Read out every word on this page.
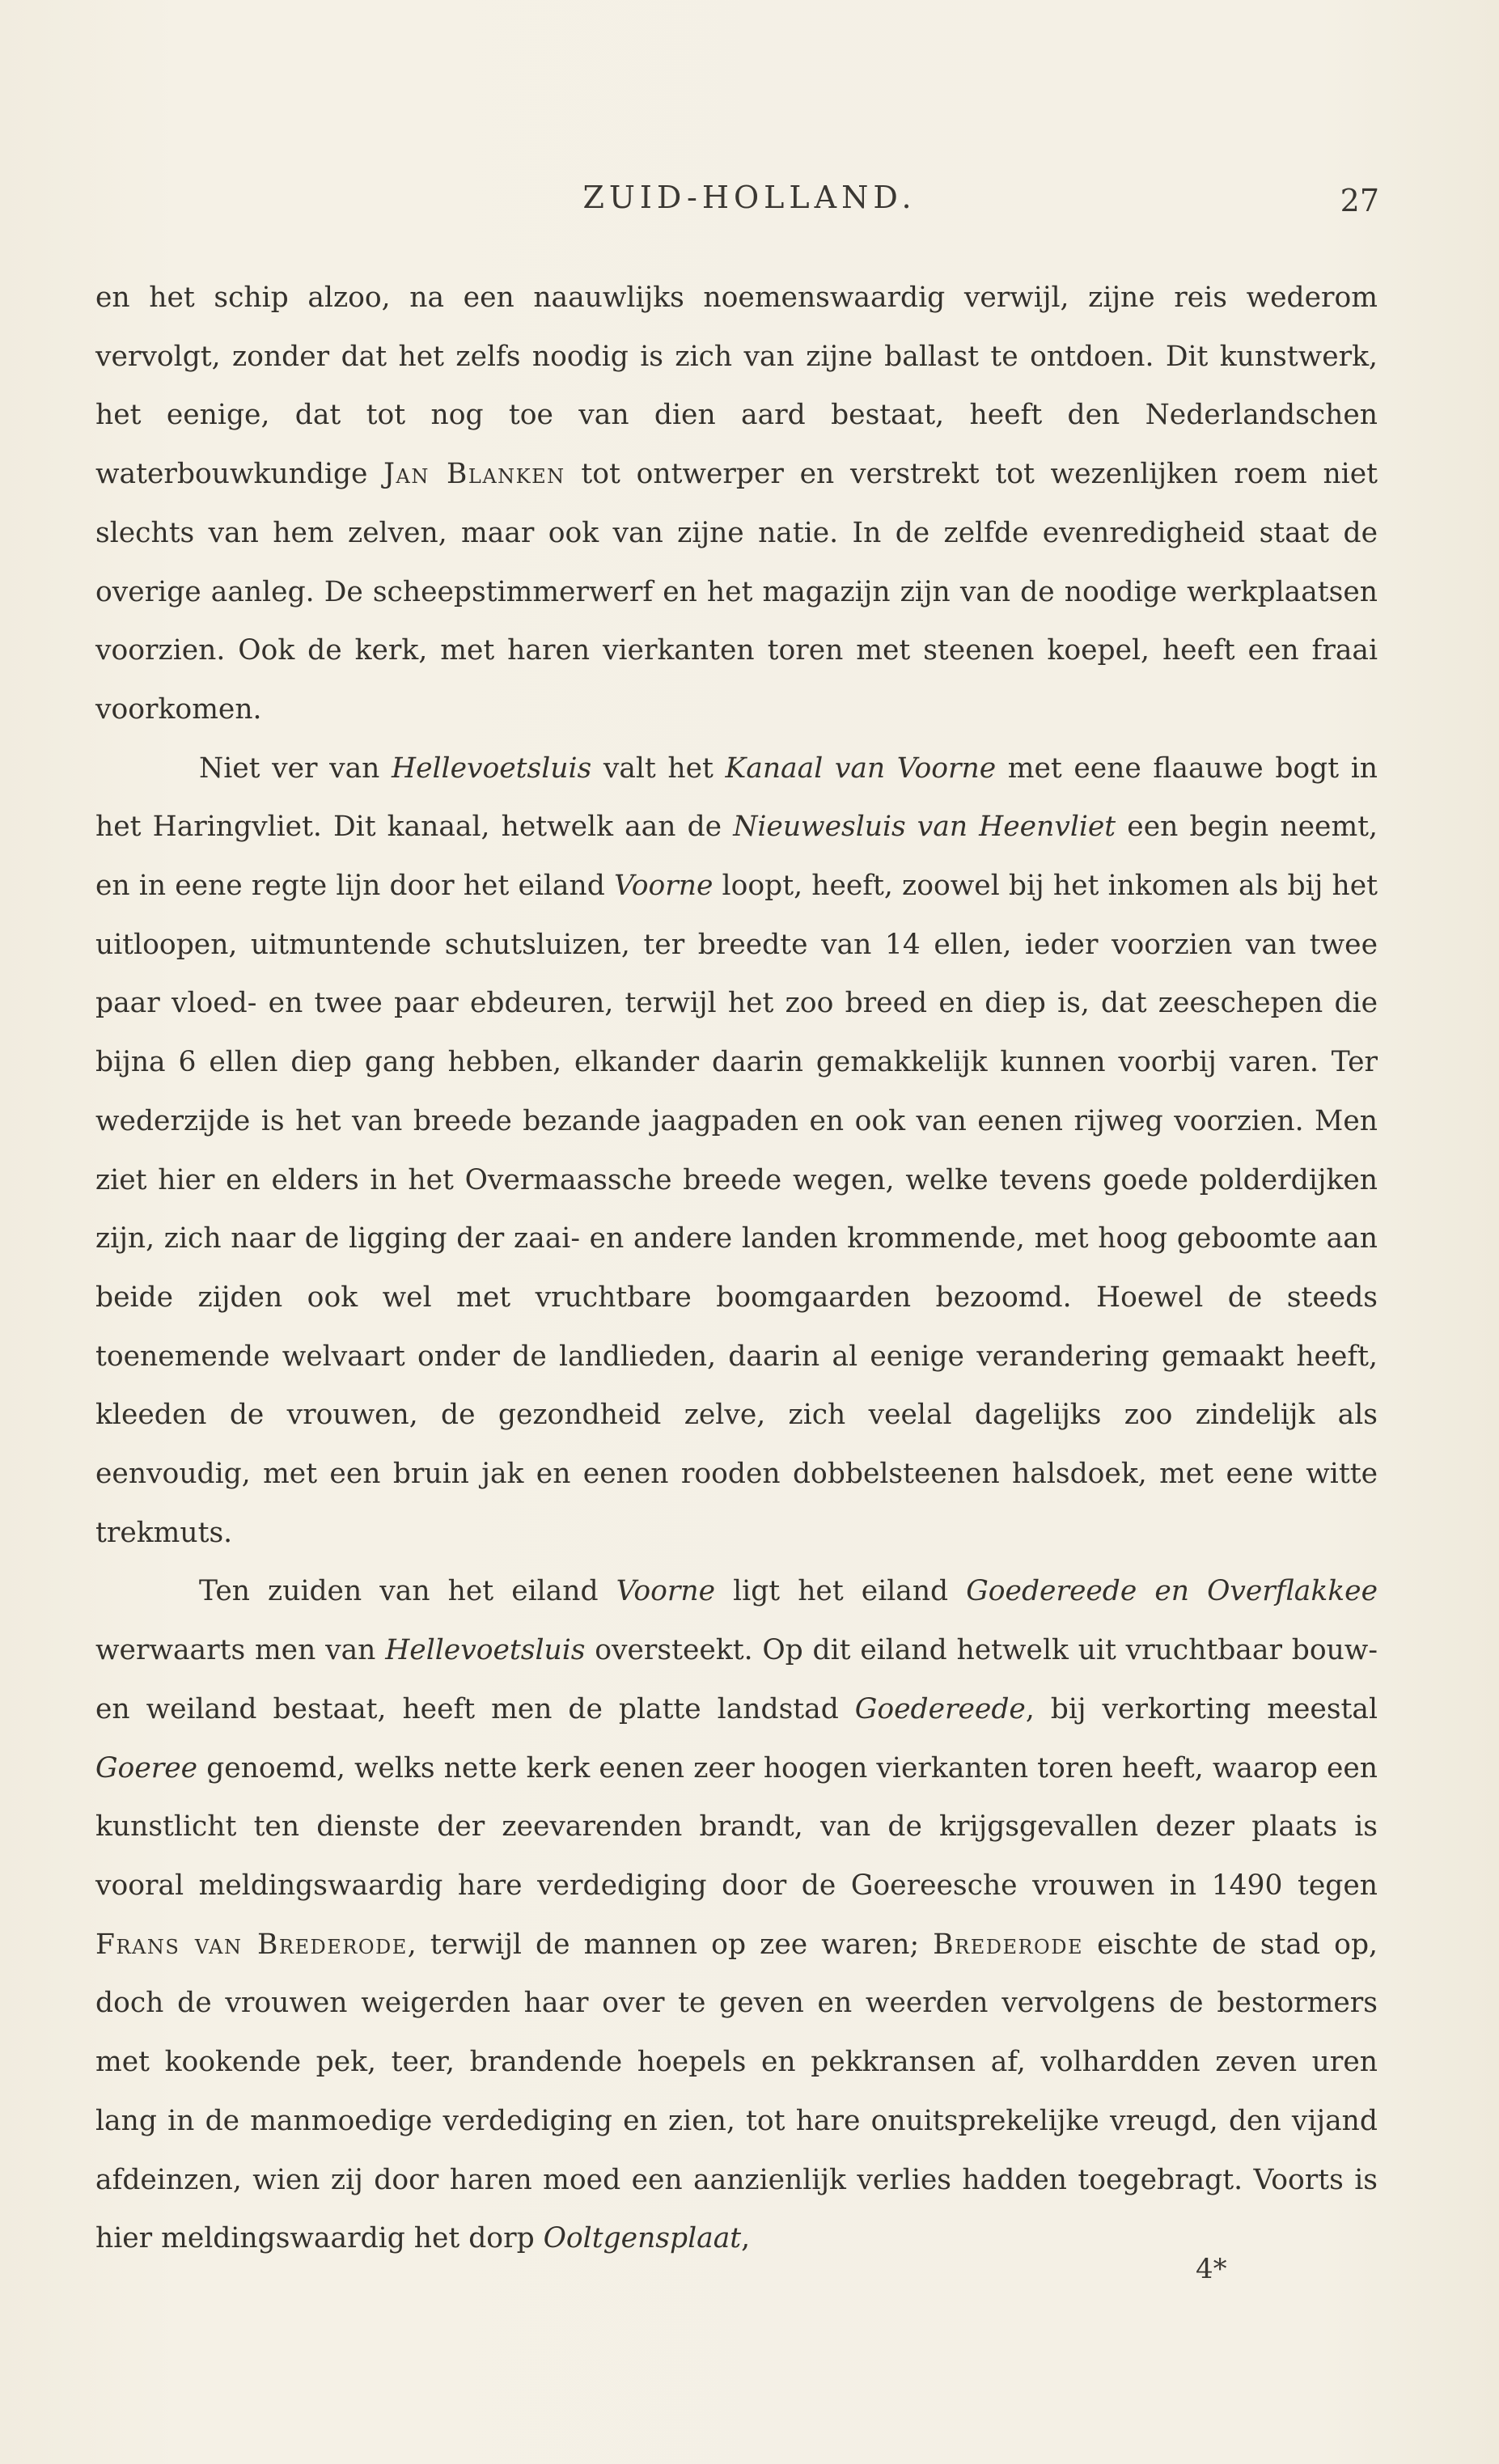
ZUID-HOLLAND.	27

en het schip alzoo, na een naauwlijks noemenswaardig verwijl, zijne reis wederom vervolgt, zonder dat het zelfs noodig is zich van zijne ballast te ontdoen. Dit kunstwerk, het eenige, dat tot nog toe van dien aard bestaat, heeft den Nederlandschen waterbouwkundige Jan Blanken tot ontwerper en verstrekt tot wezenlijken roem niet slechts van hem zelven, maar ook van zijne natie. In de zelfde evenredigheid staat de overige aanleg. De scheepstimmerwerf en het magazijn zijn van de noodige werkplaatsen voorzien. Ook de kerk, met haren vierkanten toren met steenen koepel, heeft een fraai voorkomen.

Niet ver van Hellevoetsluis valt het Kanaal van Voorne met eene flaauwe bogt in het Haringvliet. Dit kanaal, hetwelk aan de Nieuwesluis van Heenvliet een begin neemt, en in eene regte lijn door het eiland Voorne loopt, heeft, zoowel bij het inkomen als bij het uitloopen, uitmuntende schutsluizen, ter breedte van 14 ellen, ieder voorzien van twee paar vloed- en twee paar ebdeuren, terwijl het zoo breed en diep is, dat zeeschepen die bijna 6 ellen diep gang hebben, elkander daarin gemakkelijk kunnen voorbij varen. Ter wederzijde is het van breede bezande jaagpaden en ook van eenen rijweg voorzien. Men ziet hier en elders in het Overmaassche breede wegen, welke tevens goede polderdijken zijn, zich naar de ligging der zaai- en andere landen krommende, met hoog geboomte aan beide zijden ook wel met vruchtbare boomgaarden bezoomd. Hoewel de steeds toenemende welvaart onder de landlieden, daarin al eenige verandering gemaakt heeft, kleeden de vrouwen, de gezondheid zelve, zich veelal dagelijks zoo zindelijk als eenvoudig, met een bruin jak en eenen rooden dobbelsteenen halsdoek, met eene witte trekmuts.

Ten zuiden van het eiland Voorne ligt het eiland Goedereede en Overflakkee werwaarts men van Hellevoetsluis oversteekt. Op dit eiland hetwelk uit vruchtbaar bouw- en weiland bestaat, heeft men de platte landstad Goedereede, bij verkorting meestal Goeree genoemd, welks nette kerk eenen zeer hoogen vierkanten toren heeft, waarop een kunstlicht ten dienste der zeevarenden brandt, van de krijgsgevallen dezer plaats is vooral meldingswaardig hare verdediging door de Goereesche vrouwen in 1490 tegen Frans van Brederode, terwijl de mannen op zee waren; Brederode eischte de stad op, doch de vrouwen weigerden haar over te geven en weerden vervolgens de bestormers met kookende pek, teer, brandende hoepels en pekkransen af, volhardden zeven uren lang in de manmoedige verdediging en zien, tot hare onuitsprekelijke vreugd, den vijand afdeinzen, wien zij door haren moed een aanzienlijk verlies hadden toegebragt. Voorts is hier meldingswaardig het dorp Ooltgensplaat,

4*
